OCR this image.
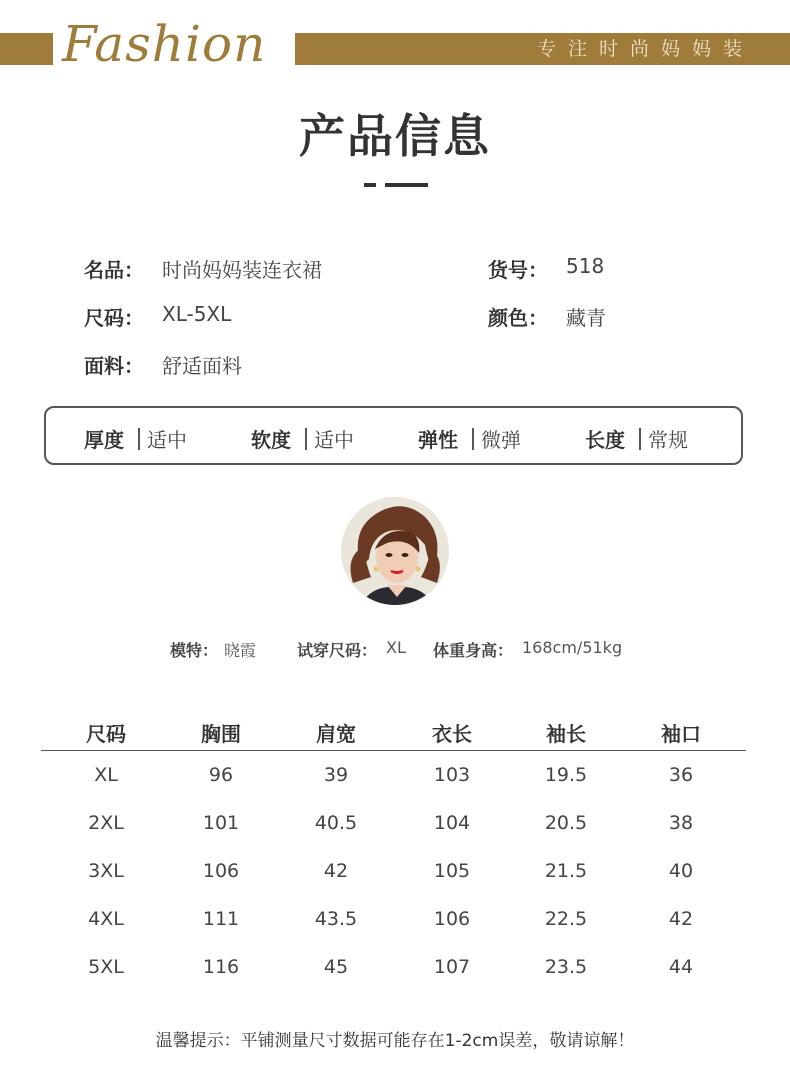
Fashion	专注时尚妈妈装
产品信息
名品： 时尚妈妈装连衣裙	货号： 518
尺码： XL-5XL	颜色： 藏青
面料： 舒适面料
厚度 适中	软度 适中	弹性 微弹	长度 常规
模特： 晓霞	试穿尺码： XL 体重身高： 168cm/51kg
尺码	胸围	肩宽	衣长	袖长	袖口
XL	96	39	103	19.5	36
2XL	101	40.5	104	20.5	38
3XL	106	42	105	21.5	40
4XL	111	43.5	106	22.5	42
5XL	116	45	107	23.5	44
温馨提示：平铺测量尺寸数据可能存在1-2cm误差，敬请谅解！
